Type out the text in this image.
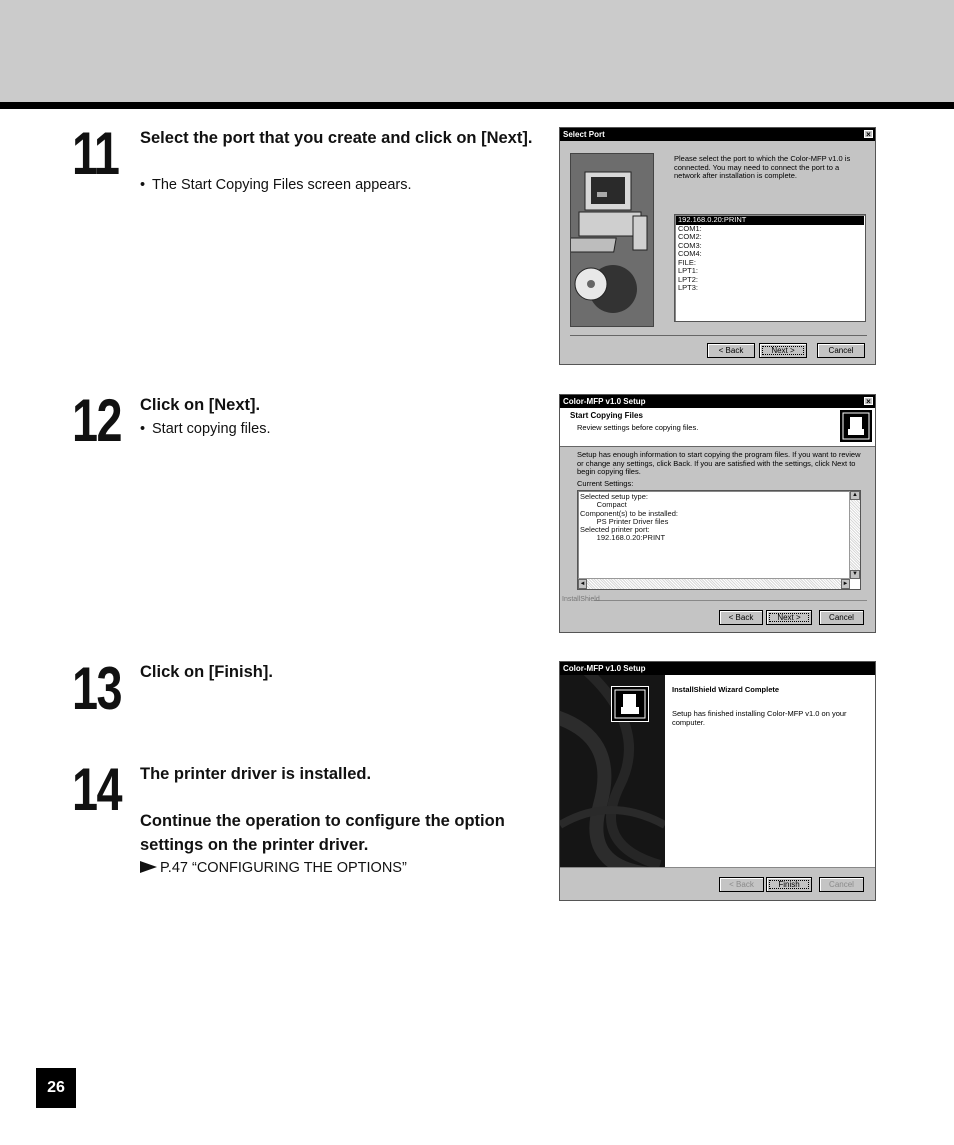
11 Select the port that you create and click on [Next].
• The Start Copying Files screen appears.
12 Click on [Next].
• Start copying files.
13 Click on [Finish].
14 The printer driver is installed.
Continue the operation to configure the option settings on the printer driver.
P.47 “CONFIGURING THE OPTIONS”
Select Port	×
Please select the port to which the Color-MFP v1.0 is connected. You may need to connect the port to a network after installation is complete.
192.168.0.20:PRINT
COM1:
COM2:
COM3:
COM4:
FILE:
LPT1:
LPT2:
LPT3:
< Back	Next >	Cancel
Color-MFP v1.0 Setup	×
Start Copying Files
Review settings before copying files.
Setup has enough information to start copying the program files. If you want to review or change any settings, click Back. If you are satisfied with the settings, click Next to begin copying files.
Current Settings:
Selected setup type:
Compact
Component(s) to be installed:
PS Printer Driver files
Selected printer port:
192.168.0.20:PRINT
▲
▼
◄	►
InstallShield
< Back	Next >	Cancel
Color-MFP v1.0 Setup
InstallShield Wizard Complete
Setup has finished installing Color-MFP v1.0 on your computer.
< Back	Finish	Cancel
26
